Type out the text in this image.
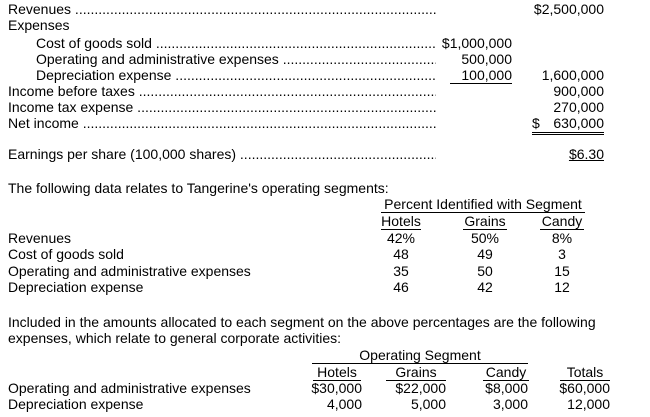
Revenues .....	$2,500,000
Expenses
Cost of goods sold .....	$1,000,000
Operating and administrative expenses .....	500,000
Depreciation expense .....	100,000	1,600,000
Income before taxes .....	900,000
Income tax expense .....	270,000
Net income .....	$ 630,000
Earnings per share (100,000 shares) .....	$6.30
The following data relates to Tangerine's operating segments:
Percent Identified with Segment
Hotels	Grains	Candy
Revenues	42%	50%	8%
Cost of goods sold	48	49	3
Operating and administrative expenses	35	50	15
Depreciation expense	46	42	12
Included in the amounts allocated to each segment on the above percentages are the following
expenses, which relate to general corporate activities:
Operating Segment
Hotels	Grains	Candy	Totals
Operating and administrative expenses	$30,000	$22,000	$8,000	$60,000
Depreciation expense	4,000	5,000	3,000	12,000
